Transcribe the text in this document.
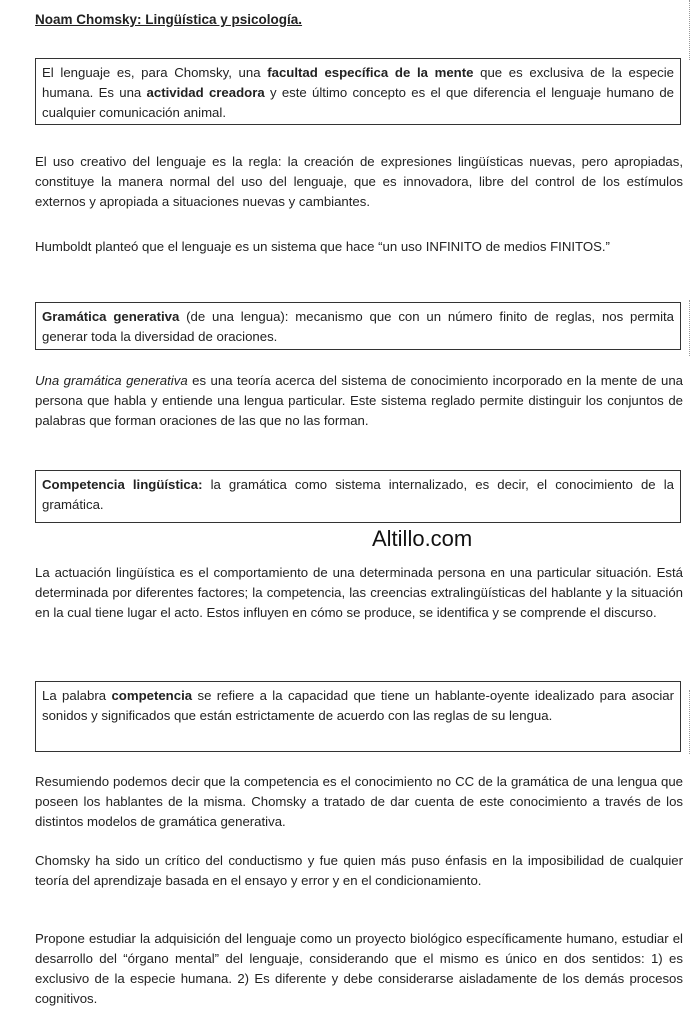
Noam Chomsky: Lingüística y psicología.
El lenguaje es, para Chomsky, una facultad específica de la mente que es exclusiva de la especie humana. Es una actividad creadora y este último concepto es el que diferencia el lenguaje humano de cualquier comunicación animal.
El uso creativo del lenguaje es la regla: la creación de expresiones lingüísticas nuevas, pero apropiadas, constituye la manera normal del uso del lenguaje, que es innovadora, libre del control de los estímulos externos y apropiada a situaciones nuevas y cambiantes.
Humboldt planteó que el lenguaje es un sistema que hace “un uso INFINITO de medios FINITOS.”
Gramática generativa (de una lengua): mecanismo que con un número finito de reglas, nos permita generar toda la diversidad de oraciones.
Una gramática generativa es una teoría acerca del sistema de conocimiento incorporado en la mente de una persona que habla y entiende una lengua particular. Este sistema reglado permite distinguir los conjuntos de palabras que forman oraciones de las que no las forman.
Competencia lingüística: la gramática como sistema internalizado, es decir, el conocimiento de la gramática.
Altillo.com
La actuación lingüística es el comportamiento de una determinada persona en una particular situación. Está determinada por diferentes factores; la competencia, las creencias extralingüísticas del hablante y la situación en la cual tiene lugar el acto. Estos influyen en cómo se produce, se identifica y se comprende el discurso.
La palabra competencia se refiere a la capacidad que tiene un hablante-oyente idealizado para asociar sonidos y significados que están estrictamente de acuerdo con las reglas de su lengua.
Resumiendo podemos decir que la competencia es el conocimiento no CC de la gramática de una lengua que poseen los hablantes de la misma. Chomsky a tratado de dar cuenta de este conocimiento a través de los distintos modelos de gramática generativa.
Chomsky ha sido un crítico del conductismo y fue quien más puso énfasis en la imposibilidad de cualquier teoría del aprendizaje basada en el ensayo y error y en el condicionamiento.
Propone estudiar la adquisición del lenguaje como un proyecto biológico específicamente humano, estudiar el desarrollo del “órgano mental” del lenguaje, considerando que el mismo es único en dos sentidos: 1) es exclusivo de la especie humana. 2) Es diferente y debe considerarse aisladamente de los demás procesos cognitivos.
